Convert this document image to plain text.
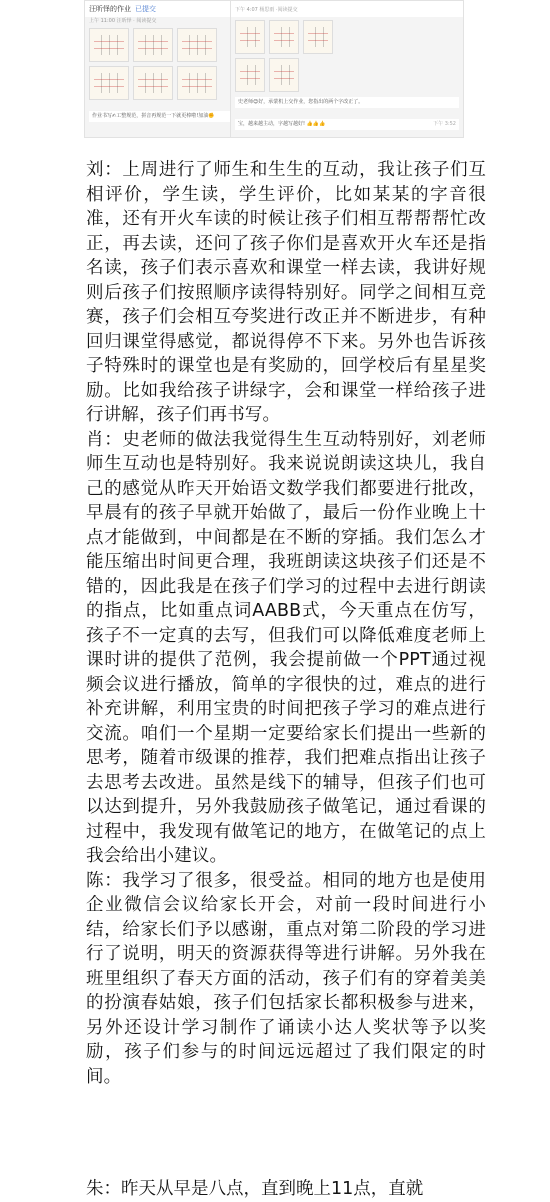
汪昕怿的作业 已提交
上午 11:00 汪昕怿 · 阅读提交
作业书写✍工整规范，拼音再规范一下就更棒啦!加油✊
下午 4:07 杨思雨 ·阅读提交
史老师😊好，承蒙机上交作业，您指出的两个字改正了。
下午 3:52
宝，越来越主动，字越写越好! 👍👍👍

刘：上周进行了师生和生生的互动，我让孩子们互相评价，学生读，学生评价，比如某某的字音很准，还有开火车读的时候让孩子们相互帮帮帮忙改正，再去读，还问了孩子你们是喜欢开火车还是指名读，孩子们表示喜欢和课堂一样去读，我讲好规则后孩子们按照顺序读得特别好。同学之间相互竞赛，孩子们会相互夸奖进行改正并不断进步，有种回归课堂得感觉，都说得停不下来。另外也告诉孩子特殊时的课堂也是有奖励的，回学校后有星星奖励。比如我给孩子讲绿字，会和课堂一样给孩子进行讲解，孩子们再书写。

肖：史老师的做法我觉得生生互动特别好，刘老师师生互动也是特别好。我来说说朗读这块儿，我自己的感觉从昨天开始语文数学我们都要进行批改，早晨有的孩子早就开始做了，最后一份作业晚上十点才能做到，中间都是在不断的穿插。我们怎么才能压缩出时间更合理，我班朗读这块孩子们还是不错的，因此我是在孩子们学习的过程中去进行朗读的指点，比如重点词AABB式，今天重点在仿写，孩子不一定真的去写，但我们可以降低难度老师上课时讲的提供了范例，我会提前做一个PPT通过视频会议进行播放，简单的字很快的过，难点的进行补充讲解，利用宝贵的时间把孩子学习的难点进行交流。咱们一个星期一定要给家长们提出一些新的思考，随着市级课的推荐，我们把难点指出让孩子去思考去改进。虽然是线下的辅导，但孩子们也可以达到提升，另外我鼓励孩子做笔记，通过看课的过程中，我发现有做笔记的地方，在做笔记的点上我会给出小建议。

陈：我学习了很多，很受益。相同的地方也是使用企业微信会议给家长开会，对前一段时间进行小结，给家长们予以感谢，重点对第二阶段的学习进行了说明，明天的资源获得等进行讲解。另外我在班里组织了春天方面的活动，孩子们有的穿着美美的扮演春姑娘，孩子们包括家长都积极参与进来，另外还设计学习制作了诵读小达人奖状等予以奖励，孩子们参与的时间远远超过了我们限定的时间。

朱：昨天从早是八点，直到晚上11点，直就
